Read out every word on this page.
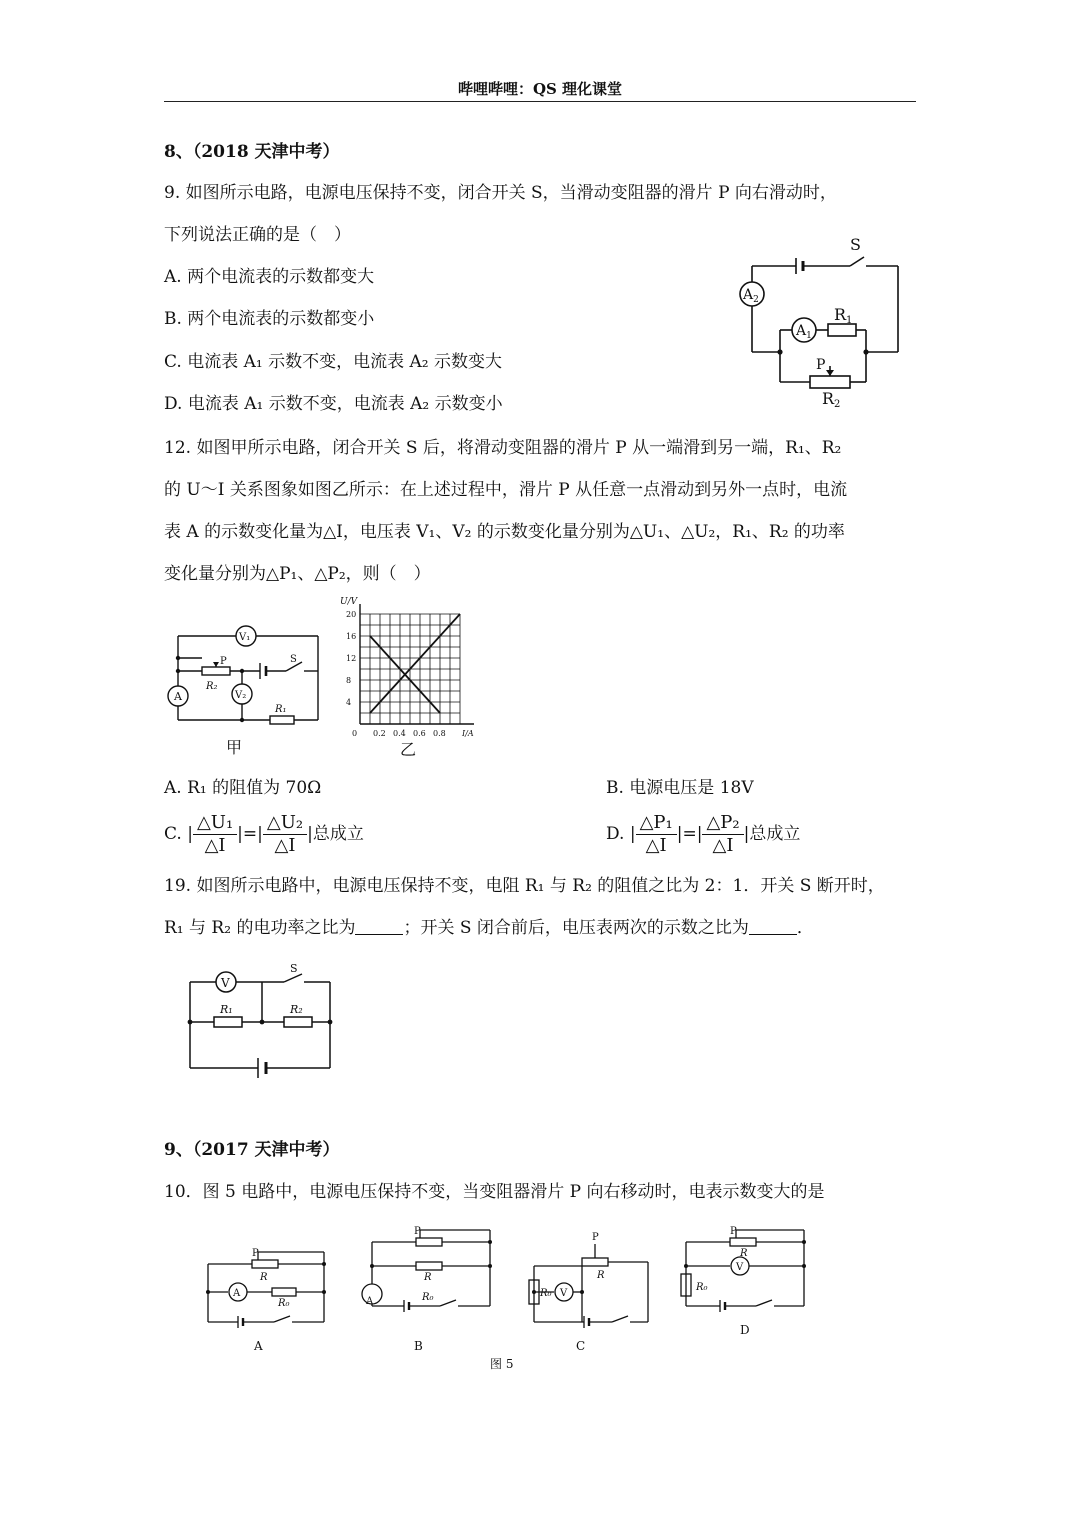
哔哩哔哩：QS 理化课堂
8、（2018 天津中考）
9. 如图所示电路，电源电压保持不变，闭合开关 S，当滑动变阻器的滑片 P 向右滑动时，
下列说法正确的是（　）
A. 两个电流表的示数都变大
B. 两个电流表的示数都变小
C. 电流表 A₁ 示数不变，电流表 A₂ 示数变大
D. 电流表 A₁ 示数不变，电流表 A₂ 示数变小
S
$A_2$
$A_1$
R1
P
R2
12. 如图甲所示电路，闭合开关 S 后，将滑动变阻器的滑片 P 从一端滑到另一端，R₁、R₂
的 U～I 关系图象如图乙所示：在上述过程中，滑片 P 从任意一点滑动到另外一点时，电流
表 A 的示数变化量为△I，电压表 V₁、V₂ 的示数变化量分别为△U₁、△U₂，R₁、R₂ 的功率
变化量分别为△P₁、△P₂，则（　）
V₁
P	S
R₂
V₂
A
R₁
甲
0.2 0.4 0.6 0.8
4
8
12
16
20
0	I/A
U/V
乙
A. R₁ 的阻值为 70Ω	B. 电源电压是 18V
C. | $\frac{\text{△U₁}}{\triangle I}$ |=| $\frac{\text{△U₂}}{\triangle I}$ |总成立	D. | $\frac{\text{△P₁}}{\triangle I}$ |=| $\frac{\text{△P₂}}{\triangle I}$ |总成立
19. 如图所示电路中，电源电压保持不变，电阻 R₁ 与 R₂ 的阻值之比为 2：1．开关 S 断开时，
R₁ 与 R₂ 的电功率之比为	；开关 S 闭合前后，电压表两次的示数之比为	．
V
S
R₁	R₂
9、（2017 天津中考）
10．图 5 电路中，电源电压保持不变，当变阻器滑片 P 向右移动时，电表示数变大的是
P
R
A
R₀
A
P
R
A	R₀
B
P
R
R₀ V
C
P
R
V
R₀
D
图 5
